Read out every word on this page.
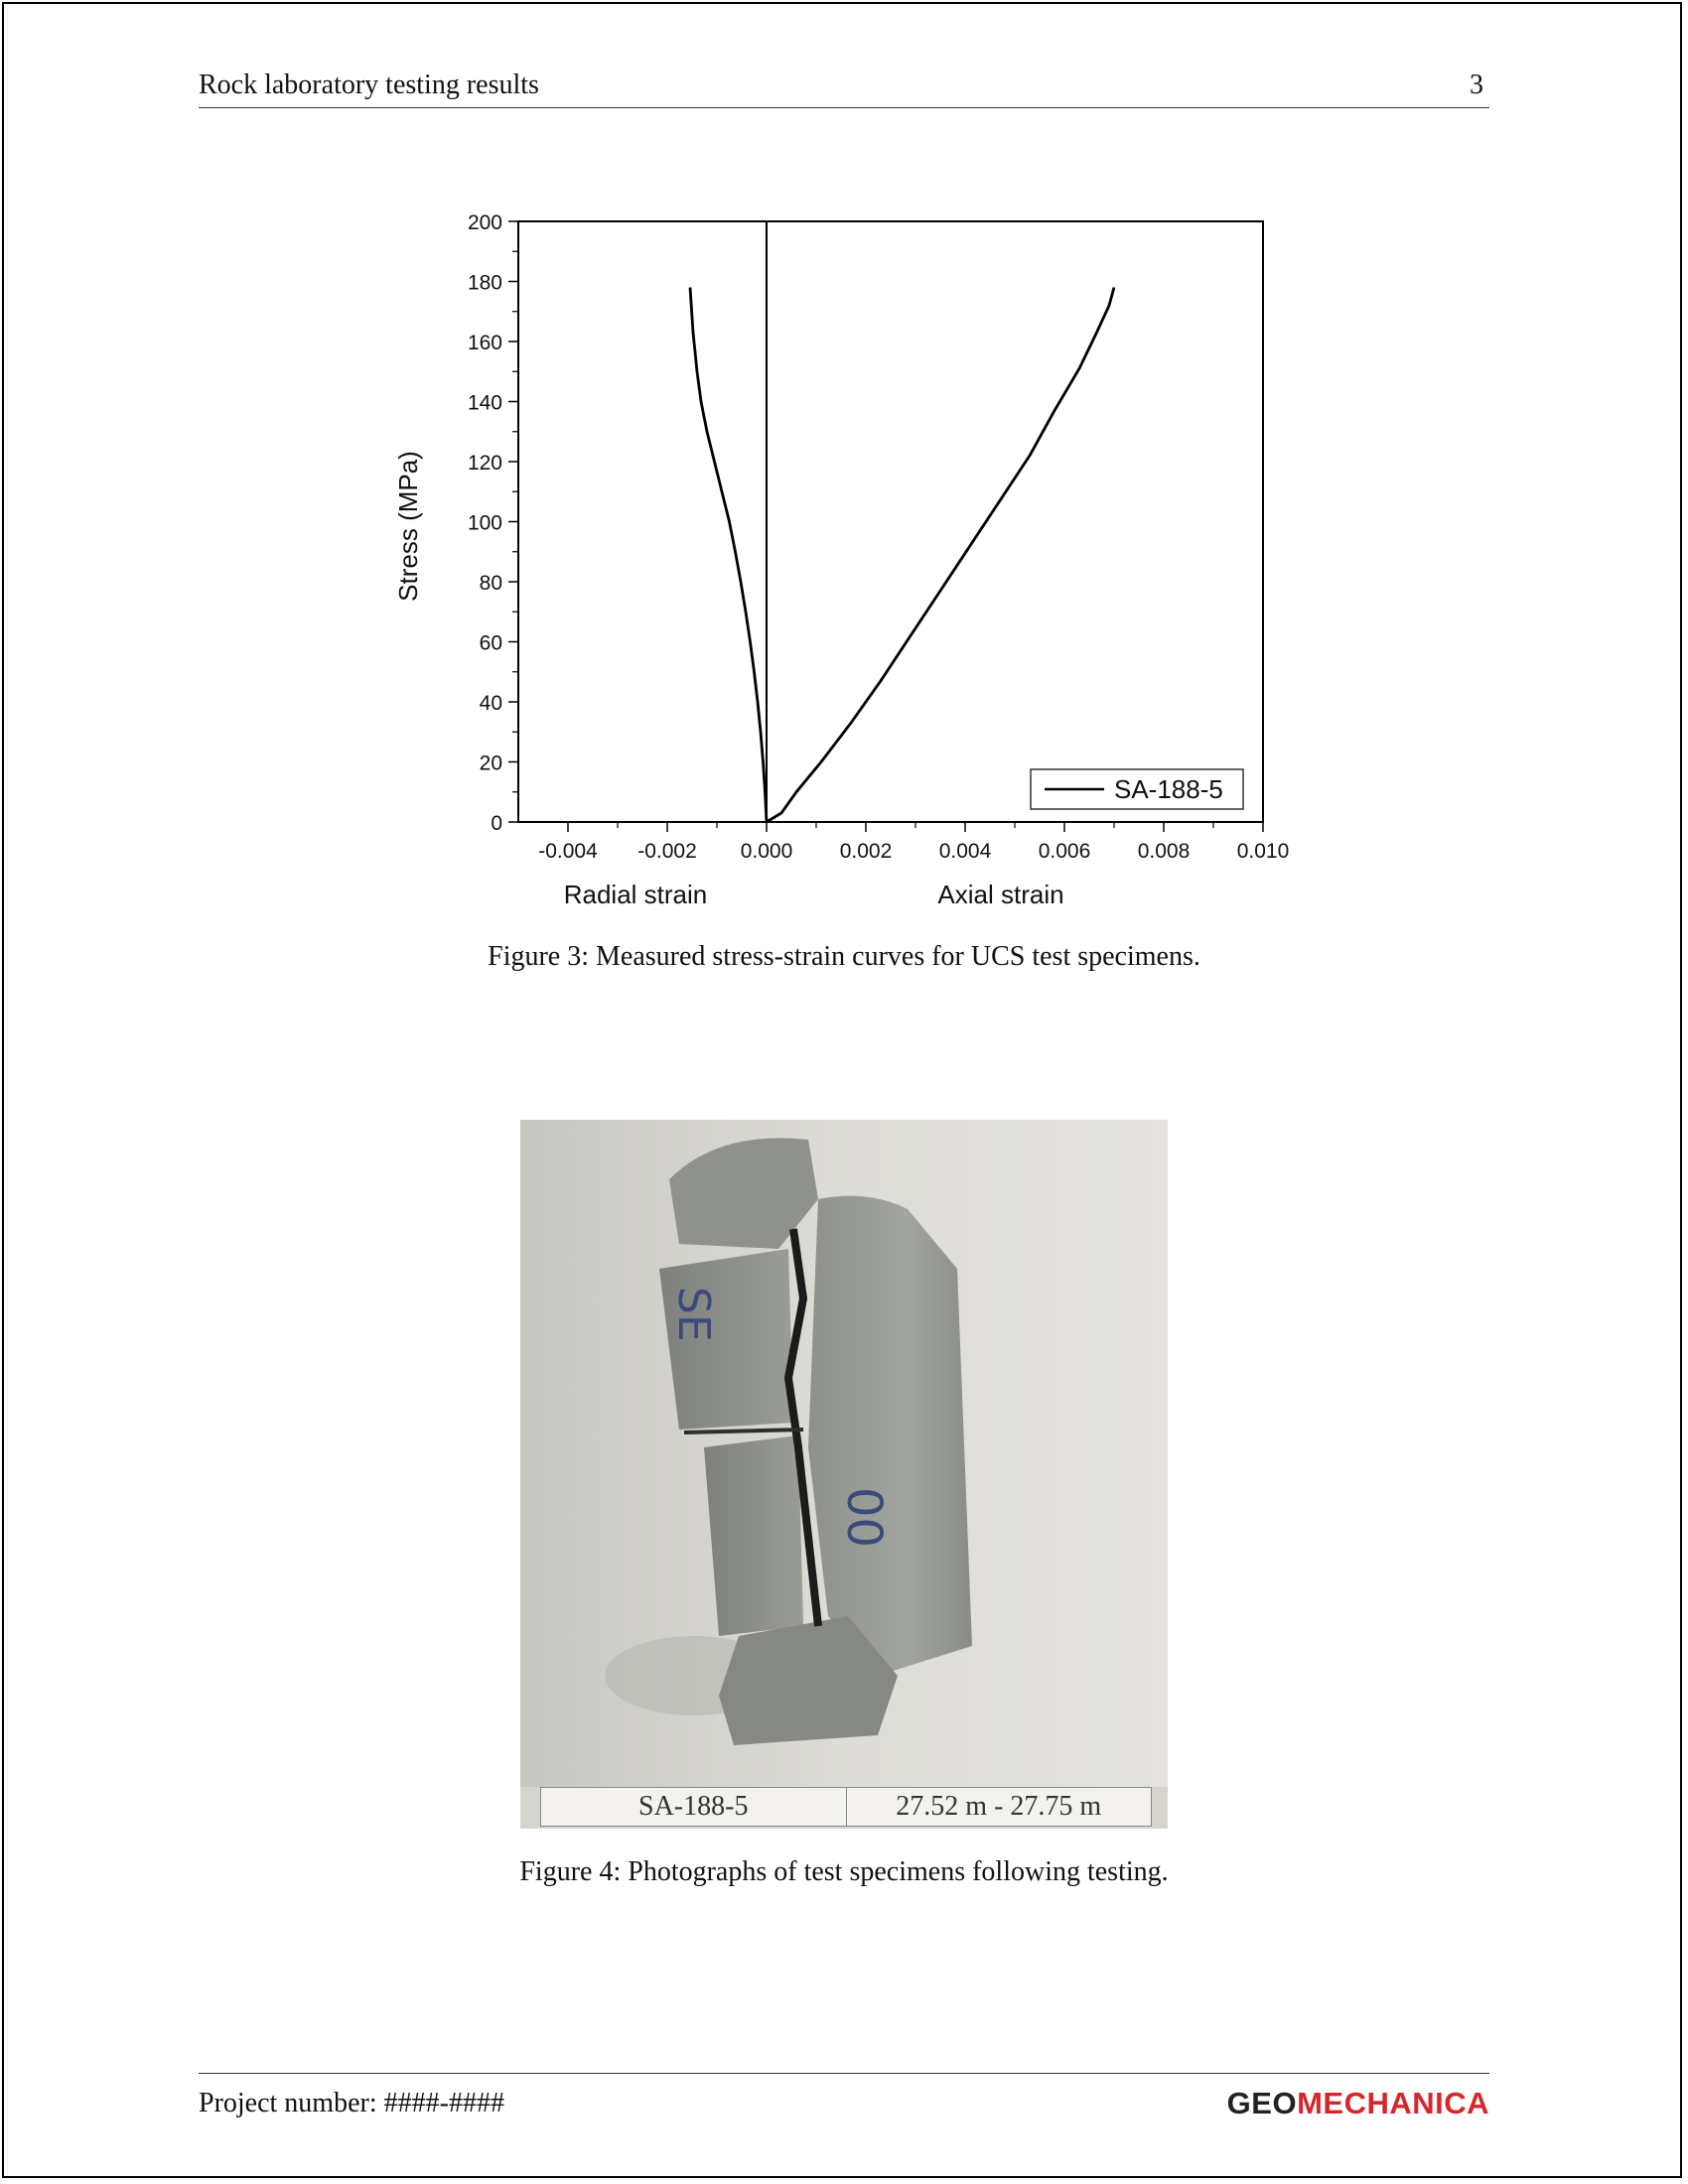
Rock laboratory testing results	3
-0.004 -0.002 0.000 0.002 0.004 0.006 0.008 0.010
0
20
40
60
80
100
120
140
160
180
200
Stress (MPa)
Radial strain	Axial strain
SA-188-5
Figure 3: Measured stress-strain curves for UCS test specimens.
SE
00
SA-188-5	27.52 m - 27.75 m
Figure 4: Photographs of test specimens following testing.
Project number: ####-####	GEOMECHANICA
